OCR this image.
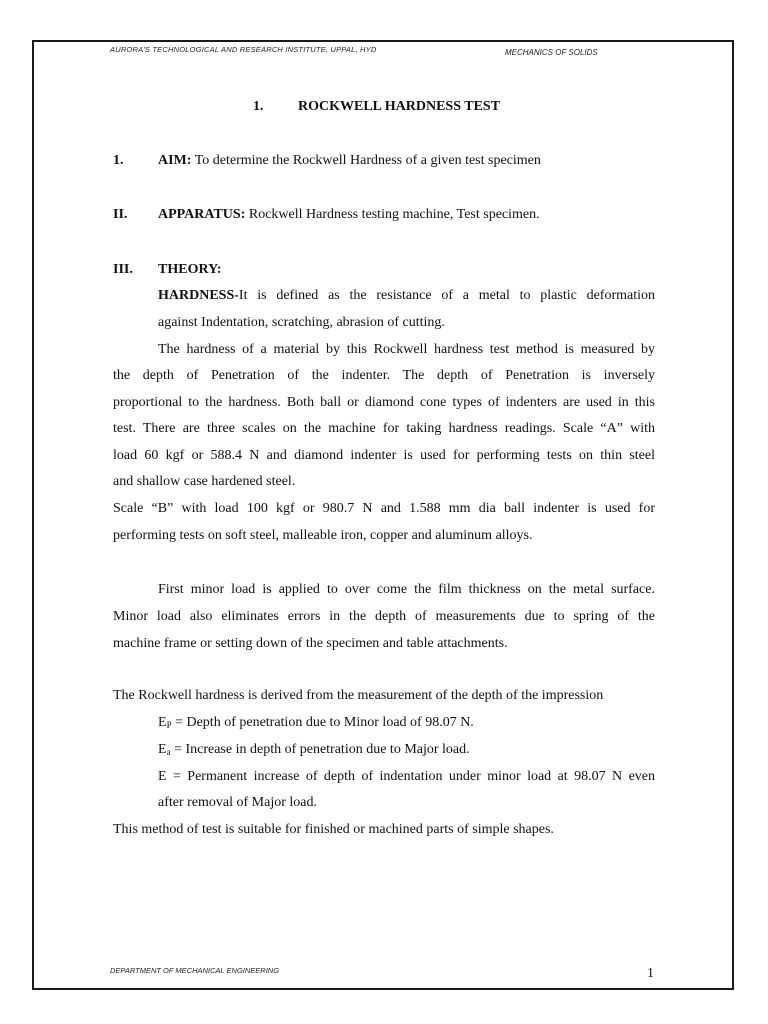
AURORA'S TECHNOLOGICAL AND RESEARCH INSTITUTE, UPPAL, HYD	MECHANICS OF SOLIDS
1. ROCKWELL HARDNESS TEST
1. AIM: To determine the Rockwell Hardness of a given test specimen
II. APPARATUS: Rockwell Hardness testing machine, Test specimen.
III. THEORY:
HARDNESS-It is defined as the resistance of a metal to plastic deformation
against Indentation, scratching, abrasion of cutting.
The hardness of a material by this Rockwell hardness test method is measured by
the depth of Penetration of the indenter. The depth of Penetration is inversely
proportional to the hardness. Both ball or diamond cone types of indenters are used in this
test. There are three scales on the machine for taking hardness readings. Scale “A” with
load 60 kgf or 588.4 N and diamond indenter is used for performing tests on thin steel
and shallow case hardened steel.
Scale “B” with load 100 kgf or 980.7 N and 1.588 mm dia ball indenter is used for
performing tests on soft steel, malleable iron, copper and aluminum alloys.
First minor load is applied to over come the film thickness on the metal surface.
Minor load also eliminates errors in the depth of measurements due to spring of the
machine frame or setting down of the specimen and table attachments.
The Rockwell hardness is derived from the measurement of the depth of the impression
$E_P$ = Depth of penetration due to Minor load of 98.07 N.
$E_a$ = Increase in depth of penetration due to Major load.
E = Permanent increase of depth of indentation under minor load at 98.07 N even
after removal of Major load.
This method of test is suitable for finished or machined parts of simple shapes.
DEPARTMENT OF MECHANICAL ENGINEERING	1
